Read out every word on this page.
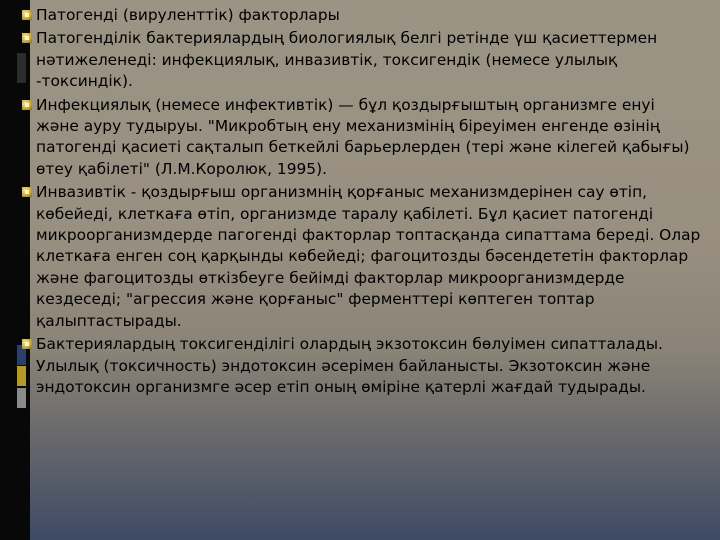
Патогенді (вируленттік) факторлары
Патогенділік бактериялардың биологиялық белгі ретінде үш қасиеттермен нәтижеленеді: инфекциялық, инвазивтік, токсигендік (немесе улылық -токсиндік).
Инфекциялық (немесе инфективтік) — бұл қоздырғыштың организмге енуі және ауру тудыруы. "Микробтың ену механизмінің біреуімен енгенде өзінің патогенді қасиеті сақталып беткейлі барьерлерден (тері және кілегей қабығы) өтеу қабілеті" (Л.М.Королюк, 1995).
Инвазивтік - қоздырғыш организмнің қорғаныс механизмдерінен сау өтіп, көбейеді, клеткаға өтіп, организмде таралу қабілеті. Бұл қасиет патогенді микроорганизмдерде пагогенді факторлар топтасқанда сипаттама береді. Олар клеткаға енген соң қарқынды көбейеді; фагоцитозды бәсендететін факторлар және фагоцитозды өткізбеуге бейімді факторлар микроорганизмдерде кездеседі; "агрессия және қорғаныс" ферменттері көптеген топтар қалыптастырады.
Бактериялардың токсигенділігі олардың экзотоксин бөлуімен сипатталады. Улылық (токсичность) эндотоксин әсерімен байланысты. Экзотоксин және эндотоксин организмге әсер етіп оның өміріне қатерлі жағдай тудырады.
